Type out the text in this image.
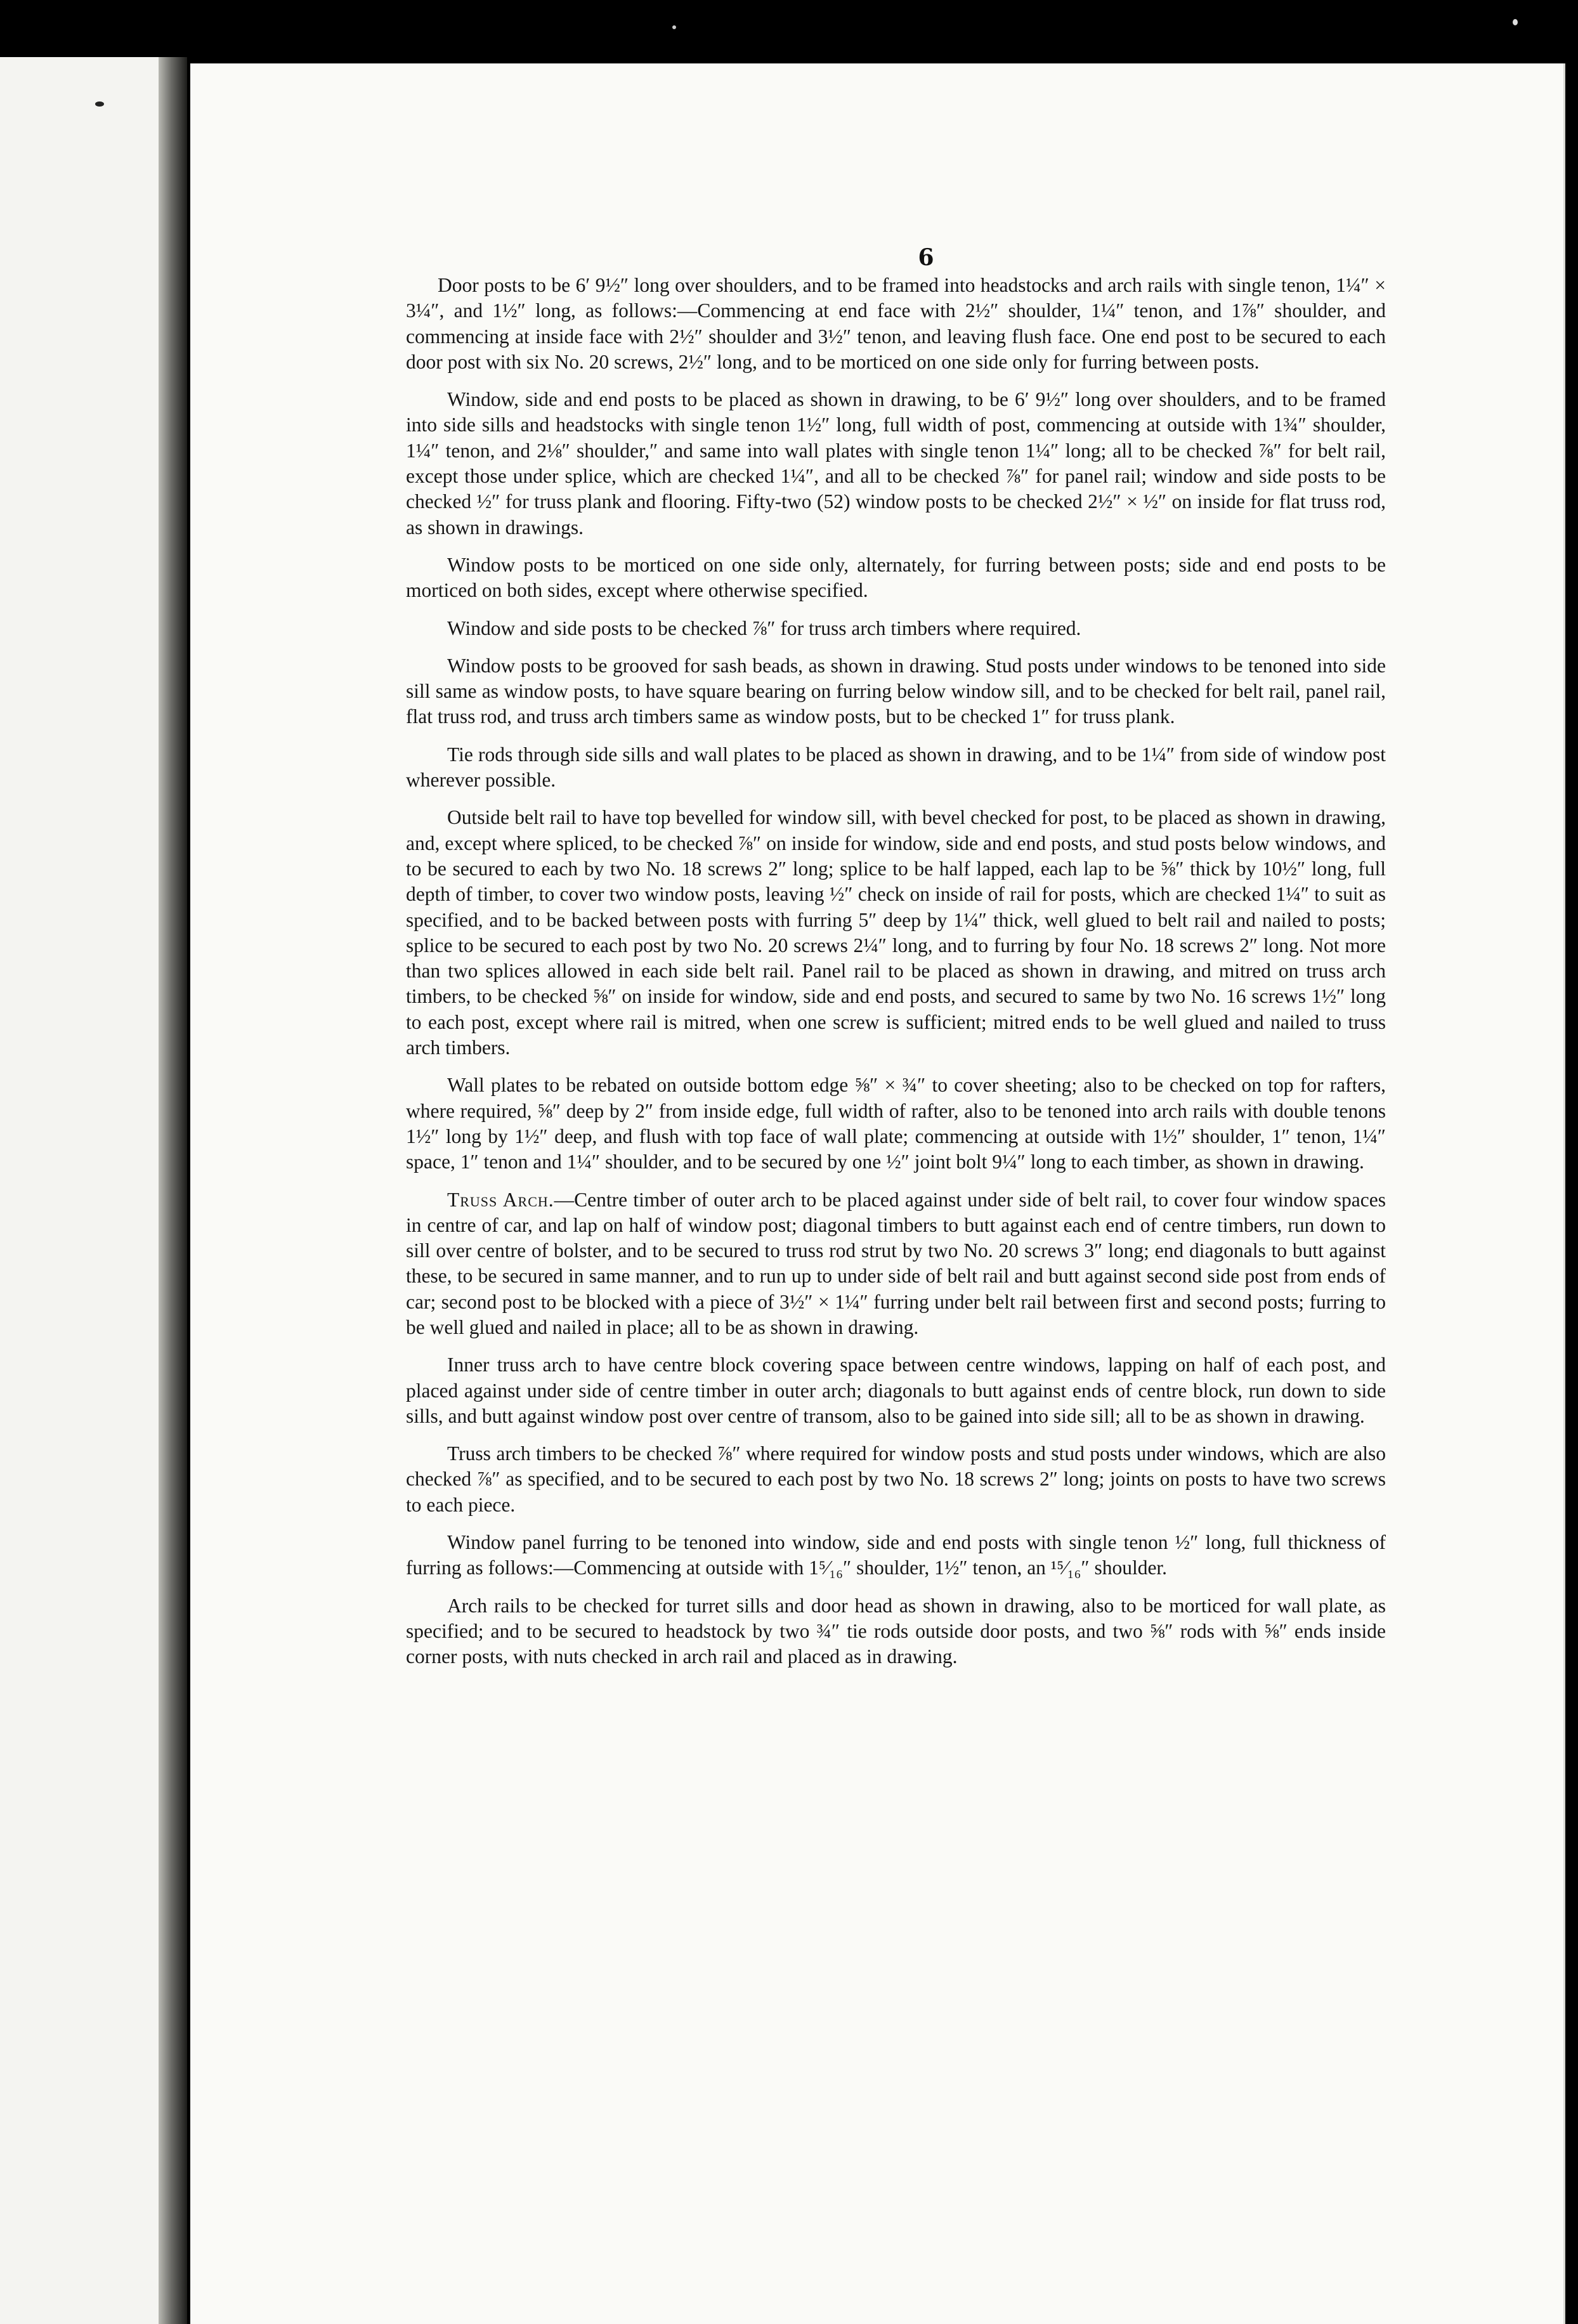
6

Door posts to be 6′ 9½″ long over shoulders, and to be framed into headstocks and arch rails with single tenon, 1¼″ × 3¼″, and 1½″ long, as follows:—Commencing at end face with 2½″ shoulder, 1¼″ tenon, and 1⅞″ shoulder, and commencing at inside face with 2½″ shoulder and 3½″ tenon, and leaving flush face. One end post to be secured to each door post with six No. 20 screws, 2½″ long, and to be morticed on one side only for furring between posts.

Window, side and end posts to be placed as shown in drawing, to be 6′ 9½″ long over shoulders, and to be framed into side sills and headstocks with single tenon 1½″ long, full width of post, commencing at outside with 1¾″ shoulder, 1¼″ tenon, and 2⅛″ shoulder,″ and same into wall plates with single tenon 1¼″ long; all to be checked ⅞″ for belt rail, except those under splice, which are checked 1¼″, and all to be checked ⅞″ for panel rail; window and side posts to be checked ½″ for truss plank and flooring. Fifty-two (52) window posts to be checked 2½″ × ½″ on inside for flat truss rod, as shown in drawings.

Window posts to be morticed on one side only, alternately, for furring between posts; side and end posts to be morticed on both sides, except where otherwise specified.

Window and side posts to be checked ⅞″ for truss arch timbers where required.

Window posts to be grooved for sash beads, as shown in drawing. Stud posts under windows to be tenoned into side sill same as window posts, to have square bearing on furring below window sill, and to be checked for belt rail, panel rail, flat truss rod, and truss arch timbers same as window posts, but to be checked 1″ for truss plank.

Tie rods through side sills and wall plates to be placed as shown in drawing, and to be 1¼″ from side of window post wherever possible.

Outside belt rail to have top bevelled for window sill, with bevel checked for post, to be placed as shown in drawing, and, except where spliced, to be checked ⅞″ on inside for window, side and end posts, and stud posts below windows, and to be secured to each by two No. 18 screws 2″ long; splice to be half lapped, each lap to be ⅝″ thick by 10½″ long, full depth of timber, to cover two window posts, leaving ½″ check on inside of rail for posts, which are checked 1¼″ to suit as specified, and to be backed between posts with furring 5″ deep by 1¼″ thick, well glued to belt rail and nailed to posts; splice to be secured to each post by two No. 20 screws 2¼″ long, and to furring by four No. 18 screws 2″ long. Not more than two splices allowed in each side belt rail. Panel rail to be placed as shown in drawing, and mitred on truss arch timbers, to be checked ⅝″ on inside for window, side and end posts, and secured to same by two No. 16 screws 1½″ long to each post, except where rail is mitred, when one screw is sufficient; mitred ends to be well glued and nailed to truss arch timbers.

Wall plates to be rebated on outside bottom edge ⅝″ × ¾″ to cover sheeting; also to be checked on top for rafters, where required, ⅝″ deep by 2″ from inside edge, full width of rafter, also to be tenoned into arch rails with double tenons 1½″ long by 1½″ deep, and flush with top face of wall plate; commencing at outside with 1½″ shoulder, 1″ tenon, 1¼″ space, 1″ tenon and 1¼″ shoulder, and to be secured by one ½″ joint bolt 9¼″ long to each timber, as shown in drawing.

Truss Arch.—Centre timber of outer arch to be placed against under side of belt rail, to cover four window spaces in centre of car, and lap on half of window post; diagonal timbers to butt against each end of centre timbers, run down to sill over centre of bolster, and to be secured to truss rod strut by two No. 20 screws 3″ long; end diagonals to butt against these, to be secured in same manner, and to run up to under side of belt rail and butt against second side post from ends of car; second post to be blocked with a piece of 3½″ × 1¼″ furring under belt rail between first and second posts; furring to be well glued and nailed in place; all to be as shown in drawing.

Inner truss arch to have centre block covering space between centre windows, lapping on half of each post, and placed against under side of centre timber in outer arch; diagonals to butt against ends of centre block, run down to side sills, and butt against window post over centre of transom, also to be gained into side sill; all to be as shown in drawing.

Truss arch timbers to be checked ⅞″ where required for window posts and stud posts under windows, which are also checked ⅞″ as specified, and to be secured to each post by two No. 18 screws 2″ long; joints on posts to have two screws to each piece.

Window panel furring to be tenoned into window, side and end posts with single tenon ½″ long, full thickness of furring as follows:—Commencing at outside with 1⁵⁄₁₆″ shoulder, 1½″ tenon, an ¹⁵⁄₁₆″ shoulder.

Arch rails to be checked for turret sills and door head as shown in drawing, also to be morticed for wall plate, as specified; and to be secured to headstock by two ¾″ tie rods outside door posts, and two ⅝″ rods with ⅝″ ends inside corner posts, with nuts checked in arch rail and placed as in drawing.
